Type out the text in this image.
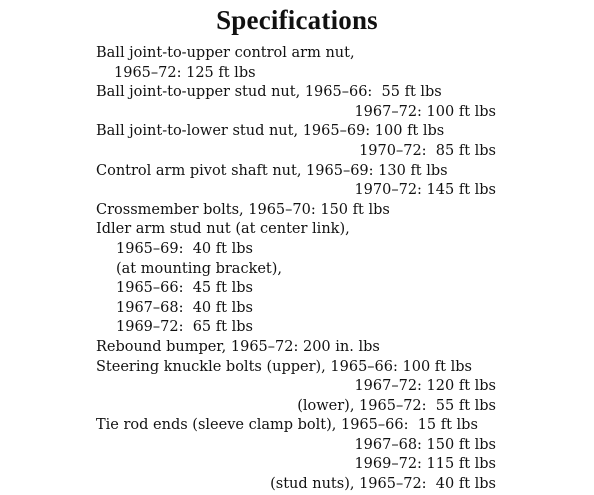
Specifications
Ball joint-to-upper control arm nut,
1965–72: 125 ft lbs
Ball joint-to-upper stud nut, 1965–66:  55 ft lbs
1967–72: 100 ft lbs
Ball joint-to-lower stud nut, 1965–69: 100 ft lbs
1970–72:  85 ft lbs
Control arm pivot shaft nut, 1965–69: 130 ft lbs
1970–72: 145 ft lbs
Crossmember bolts, 1965–70: 150 ft lbs
Idler arm stud nut (at center link),
1965–69:  40 ft lbs
(at mounting bracket),
1965–66:  45 ft lbs
1967–68:  40 ft lbs
1969–72:  65 ft lbs
Rebound bumper, 1965–72: 200 in. lbs
Steering knuckle bolts (upper), 1965–66: 100 ft lbs
1967–72: 120 ft lbs
(lower), 1965–72:  55 ft lbs
Tie rod ends (sleeve clamp bolt), 1965–66:  15 ft lbs
1967–68: 150 ft lbs
1969–72: 115 ft lbs
(stud nuts), 1965–72:  40 ft lbs
